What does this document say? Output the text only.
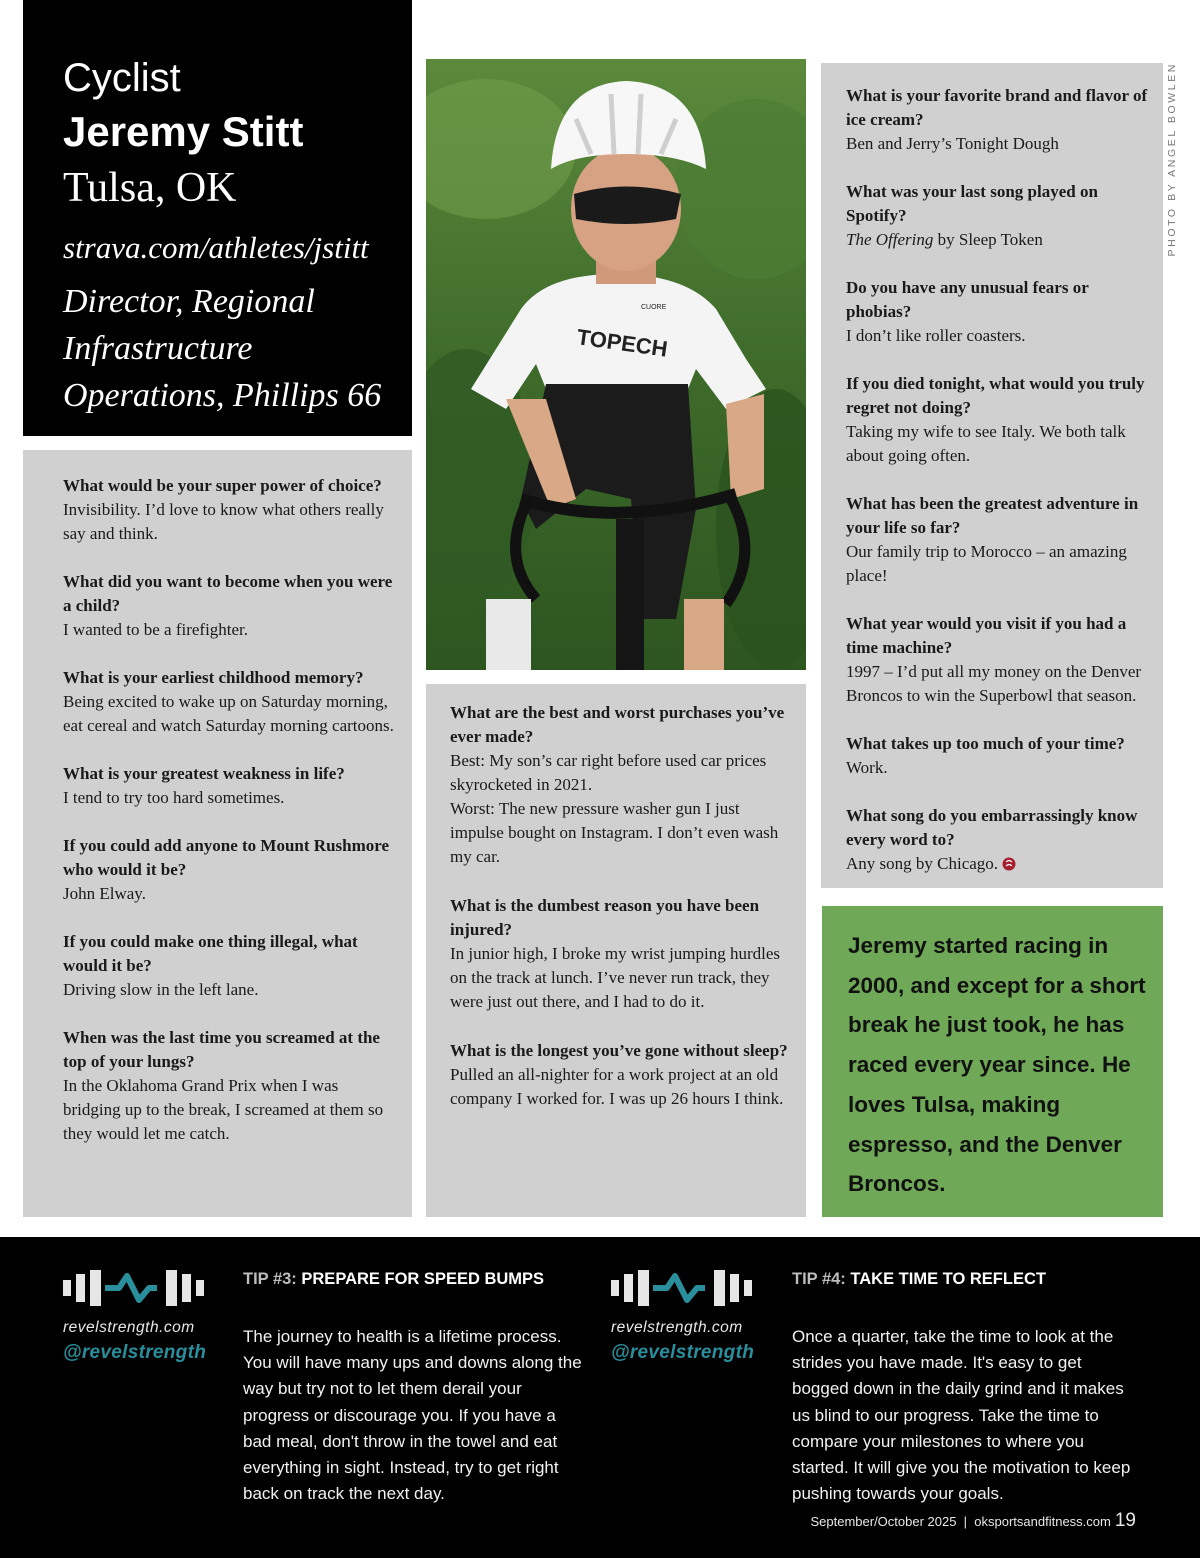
Cyclist
Jeremy Stitt
Tulsa, OK
strava.com/athletes/jstitt
Director, Regional Infrastructure Operations, Phillips 66
TOPECH
CUORE
What would be your super power of choice?
Invisibility. I’d love to know what others really say and think.
What did you want to become when you were a child?
I wanted to be a firefighter.
What is your earliest childhood memory?
Being excited to wake up on Saturday morning, eat cereal and watch Saturday morning cartoons.
What is your greatest weakness in life?
I tend to try too hard sometimes.
If you could add anyone to Mount Rushmore who would it be?
John Elway.
If you could make one thing illegal, what would it be?
Driving slow in the left lane.
When was the last time you screamed at the top of your lungs?
In the Oklahoma Grand Prix when I was bridging up to the break, I screamed at them so they would let me catch.
What are the best and worst purchases you’ve ever made?
Best: My son’s car right before used car prices skyrocketed in 2021.
Worst: The new pressure washer gun I just impulse bought on Instagram. I don’t even wash my car.
What is the dumbest reason you have been injured?
In junior high, I broke my wrist jumping hurdles on the track at lunch. I’ve never run track, they were just out there, and I had to do it.
What is the longest you’ve gone without sleep?
Pulled an all-nighter for a work project at an old company I worked for. I was up 26 hours I think.
What is your favorite brand and flavor of ice cream?
Ben and Jerry’s Tonight Dough
What was your last song played on Spotify?
The Offering by Sleep Token
Do you have any unusual fears or phobias?
I don’t like roller coasters.
If you died tonight, what would you truly regret not doing?
Taking my wife to see Italy. We both talk about going often.
What has been the greatest adventure in your life so far?
Our family trip to Morocco – an amazing place!
What year would you visit if you had a time machine?
1997 – I’d put all my money on the Denver Broncos to win the Superbowl that season.
What takes up too much of your time?
Work.
What song do you embarrassingly know every word to?
Any song by Chicago.
PHOTO BY ANGEL BOWLEN
Jeremy started racing in 2000, and except for a short break he just took, he has raced every year since. He loves Tulsa, making espresso, and the Denver Broncos.
revelstrength.com
@revelstrength
TIP #3: PREPARE FOR SPEED BUMPS
The journey to health is a lifetime process. You will have many ups and downs along the way but try not to let them derail your progress or discourage you. If you have a bad meal, don't throw in the towel and eat everything in sight. Instead, try to get right back on track the next day.
revelstrength.com
@revelstrength
TIP #4: TAKE TIME TO REFLECT
Once a quarter, take the time to look at the strides you have made. It's easy to get bogged down in the daily grind and it makes us blind to our progress. Take the time to compare your milestones to where you started. It will give you the motivation to keep pushing towards your goals.
September/October 2025  |  oksportsandfitness.com 19
